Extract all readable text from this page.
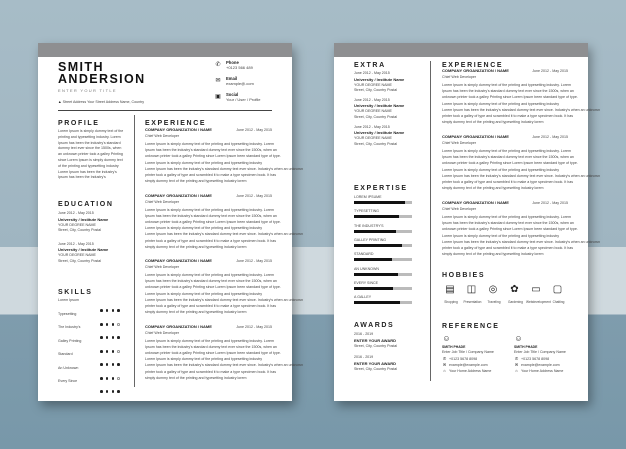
SMITH
ANDERSION
ENTER YOUR TITLE
▲ Street Address Your Street Address Name, Country
✆	Phone
+0123 566 489
✉	Email
example@.com
▣ Social
Your / User / Profile
PROFILE
Lorem Ipsum is simply dummy text of the
printing and typesetting industry. Lorem
Ipsum has been the industry's standard
dummy text ever since the 1500s, when
an unknown printer took a galley Printing
since Lorem Ipsum is simply dummy text
of the printing and typesetting industry
Lorem Ipsum has been the industry's
Ipsum has been the Industry's
EDUCATION
June 2012 - May 2015
University / Institute Name
YOUR DEGREE NAME
Street, City, Country Postal
June 2012 - May 2015
University / Institute Name
YOUR DEGREE NAME
Street, City, Country Postal
SKILLS
Lorem Ipsum
Typesetting
The Industry's
Galley Printing
Standard
An Unknown
Every Since
EXPERIENCE
COMPANY ORGANIZATION / NAME	June 2012 - May 2015
Chief Web Developer
Lorem Ipsum is simply dummy text of the printing and typesetting industry. Lorem
Ipsum has been the industry's standard dummy text ever since the 1500s, when an
unknown printer took a galley Printing since Lorem Ipsum been standard type of type.
Lorem Ipsum is simply dummy text of the printing and typesetting industry
Lorem Ipsum has been the industry's standard dummy text ever since. Industry's when an unknown
printer took a galley of type and scrambled it to make a type specimen book. It has
simply dummy text of the printing and typesetting industry lorem
COMPANY ORGANIZATION / NAME	June 2012 - May 2015
Chief Web Developer
Lorem Ipsum is simply dummy text of the printing and typesetting industry. Lorem
Ipsum has been the industry's standard dummy text ever since the 1500s, when an
unknown printer took a galley Printing since Lorem Ipsum been standard type of type.
Lorem Ipsum is simply dummy text of the printing and typesetting industry
Lorem Ipsum has been the industry's standard dummy text ever since. Industry's when an unknown
printer took a galley of type and scrambled it to make a type specimen book. It has
simply dummy text of the printing and typesetting industry lorem
COMPANY ORGANIZATION / NAME	June 2012 - May 2015
Chief Web Developer
Lorem Ipsum is simply dummy text of the printing and typesetting industry. Lorem
Ipsum has been the industry's standard dummy text ever since the 1500s, when an
unknown printer took a galley Printing since Lorem Ipsum been standard type of type.
Lorem Ipsum is simply dummy text of the printing and typesetting industry
Lorem Ipsum has been the industry's standard dummy text ever since. Industry's when an unknown
printer took a galley of type and scrambled it to make a type specimen book. It has
simply dummy text of the printing and typesetting industry lorem
COMPANY ORGANIZATION / NAME	June 2012 - May 2015
Chief Web Developer
Lorem Ipsum is simply dummy text of the printing and typesetting industry. Lorem
Ipsum has been the industry's standard dummy text ever since the 1500s, when an
unknown printer took a galley Printing since Lorem Ipsum been standard type of type.
Lorem Ipsum is simply dummy text of the printing and typesetting industry
Lorem Ipsum has been the industry's standard dummy text ever since. Industry's when an unknown
printer took a galley of type and scrambled it to make a type specimen book. It has
simply dummy text of the printing and typesetting industry lorem
EXTRA
June 2012 - May 2015
University / Institute Name
YOUR DEGREE NAME
Street, City, Country Postal
June 2012 - May 2015
University / Institute Name
YOUR DEGREE NAME
Street, City, Country Postal
June 2012 - May 2015
University / Institute Name
YOUR DEGREE NAME
Street, City, Country Postal
EXPERTISE
LOREM IPSUME
TYPESETTING
THE INDUSTRY'S
GALLEY PRINTING
STANDARD
AN UNKNOWN
EVERY SINCE
A GALLEY
AWARDS
2016 - 2019
ENTER YOUR AWARD
Street, City, Country Postal
2016 - 2019
ENTER YOUR AWARD
Street, City, Country Postal
EXPERIENCE
COMPANY ORGANIZATION / NAME	June 2012 - May 2015
Chief Web Developer
Lorem Ipsum is simply dummy text of the printing and typesetting industry. Lorem
Ipsum has been the industry's standard dummy text ever since the 1500s, when an
unknown printer took a galley Printing since Lorem Ipsum been standard type of type.
Lorem Ipsum is simply dummy text of the printing and typesetting industry
Lorem Ipsum has been the industry's standard dummy text ever since. Industry's when an unknown
printer took a galley of type and scrambled it to make a type specimen book. It has
simply dummy text of the printing and typesetting industry lorem
COMPANY ORGANIZATION / NAME	June 2012 - May 2015
Chief Web Developer
Lorem Ipsum is simply dummy text of the printing and typesetting industry. Lorem
Ipsum has been the industry's standard dummy text ever since the 1500s, when an
unknown printer took a galley Printing since Lorem Ipsum been standard type of type.
Lorem Ipsum is simply dummy text of the printing and typesetting industry
Lorem Ipsum has been the industry's standard dummy text ever since. Industry's when an unknown
printer took a galley of type and scrambled it to make a type specimen book. It has
simply dummy text of the printing and typesetting industry lorem
COMPANY ORGANIZATION / NAME	June 2012 - May 2015
Chief Web Developer
Lorem Ipsum is simply dummy text of the printing and typesetting industry. Lorem
Ipsum has been the industry's standard dummy text ever since the 1500s, when an
unknown printer took a galley Printing since Lorem Ipsum been standard type of type.
Lorem Ipsum is simply dummy text of the printing and typesetting industry
Lorem Ipsum has been the industry's standard dummy text ever since. Industry's when an unknown
printer took a galley of type and scrambled it to make a type specimen book. It has
simply dummy text of the printing and typesetting industry lorem
HOBBIES
▤
Shopping
◫
Presentation
◎
Traveling
✿
Gardening
▭
Webdevelopment
▢
Chatting
REFERENCE
☺
SMITH PHADE
Enter Job Title / Company Name
✆ +0123 5678 8098
✉ example@example.com
⌂ Your Home Address Name
☺
SMITH PHADE
Enter Job Title / Company Name
✆ +0123 5678 8098
✉ example@example.com
⌂ Your Home Address Name
